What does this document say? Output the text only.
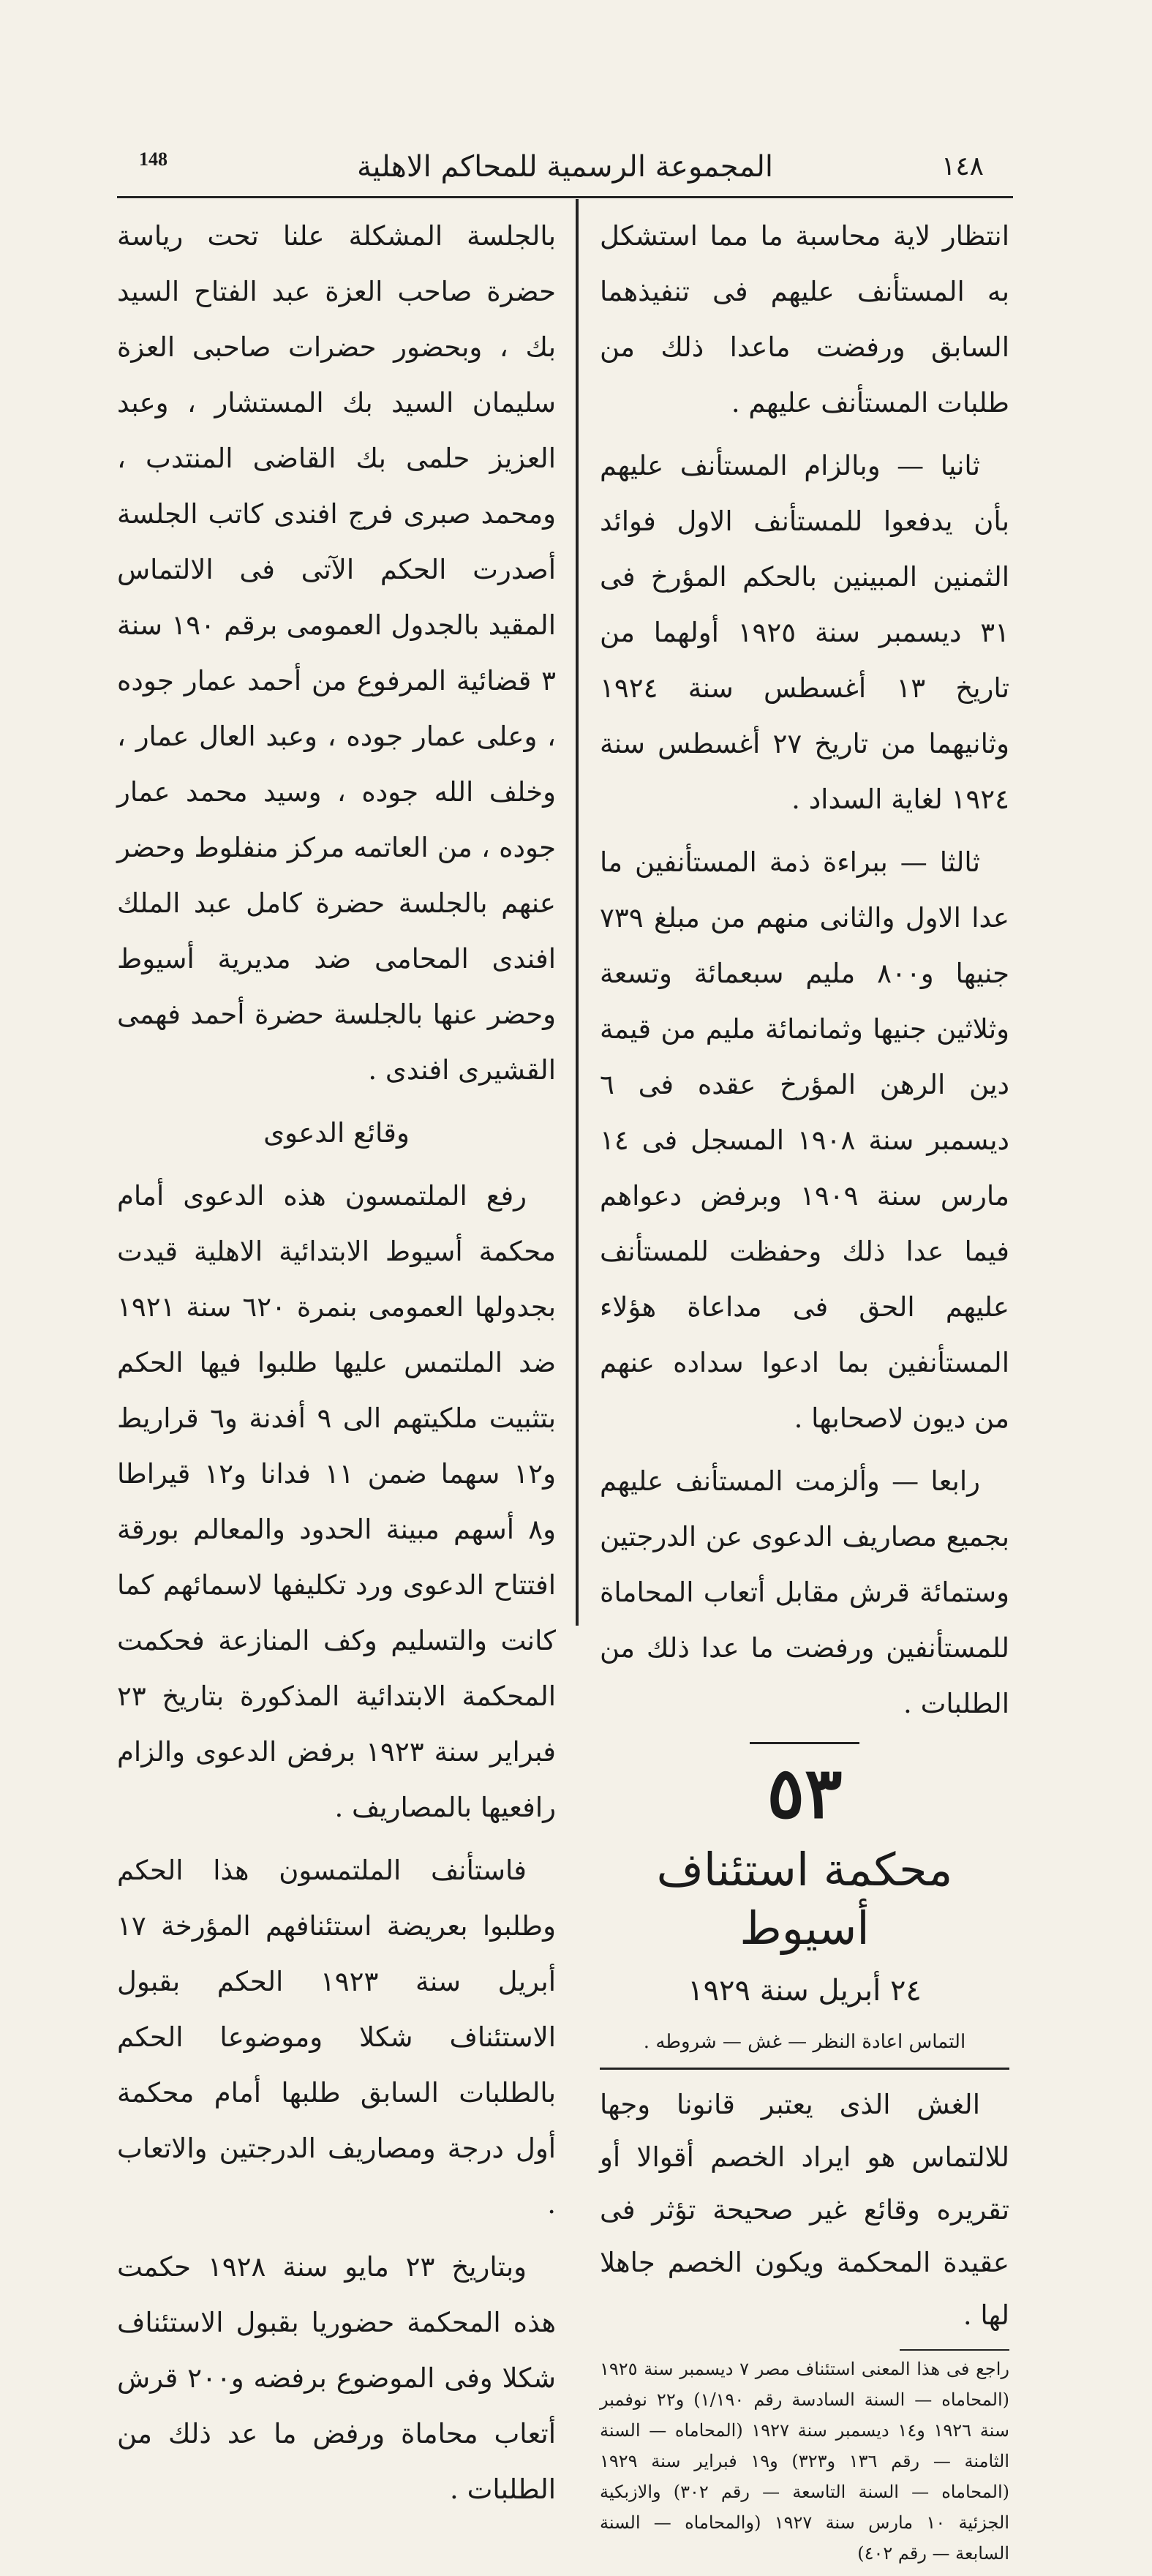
148	المجموعة الرسمية للمحاكم الاهلية	١٤٨

انتظار لاية محاسبة ما مما استشكل به المستأنف عليهم فى تنفيذهما السابق ورفضت ماعدا ذلك من طلبات المستأنف عليهم .

ثانيا — وبالزام المستأنف عليهم بأن يدفعوا للمستأنف الاول فوائد الثمنين المبينين بالحكم المؤرخ فى ٣١ ديسمبر سنة ١٩٢٥ أولهما من تاريخ ١٣ أغسطس سنة ١٩٢٤ وثانيهما من تاريخ ٢٧ أغسطس سنة ١٩٢٤ لغاية السداد .

ثالثا — ببراءة ذمة المستأنفين ما عدا الاول والثانى منهم من مبلغ ٧٣٩ جنيها و٨٠٠ مليم سبعمائة وتسعة وثلاثين جنيها وثمانمائة مليم من قيمة دين الرهن المؤرخ عقده فى ٦ ديسمبر سنة ١٩٠٨ المسجل فى ١٤ مارس سنة ١٩٠٩ وبرفض دعواهم فيما عدا ذلك وحفظت للمستأنف عليهم الحق فى مداعاة هؤلاء المستأنفين بما ادعوا سداده عنهم من ديون لاصحابها .

رابعا — وألزمت المستأنف عليهم بجميع مصاريف الدعوى عن الدرجتين وستمائة قرش مقابل أتعاب المحاماة للمستأنفين ورفضت ما عدا ذلك من الطلبات .

٥٣

محكمة استئناف أسيوط

٢٤ أبريل سنة ١٩٢٩

التماس اعادة النظر — غش — شروطه .

الغش الذى يعتبر قانونا وجها للالتماس هو ايراد الخصم أقوالا أو تقريره وقائع غير صحيحة تؤثر فى عقيدة المحكمة ويكون الخصم جاهلا لها .

راجع فى هذا المعنى استئناف مصر ٧ ديسمبر سنة ١٩٢٥ (المحاماه — السنة السادسة رقم ١/١٩٠) و٢٢ نوفمبر سنة ١٩٢٦ و١٤ ديسمبر سنة ١٩٢٧ (المحاماه — السنة الثامنة — رقم ١٣٦ و٣٢٣) و١٩ فبراير سنة ١٩٢٩ (المحاماه — السنة التاسعة — رقم ٣٠٢) والازبكية الجزئية ١٠ مارس سنة ١٩٢٧ (والمحاماه — السنة السابعة — رقم ٤٠٢)

بالجلسة المشكلة علنا تحت رياسة حضرة صاحب العزة عبد الفتاح السيد بك ، وبحضور حضرات صاحبى العزة سليمان السيد بك المستشار ، وعبد العزيز حلمى بك القاضى المنتدب ، ومحمد صبرى فرج افندى كاتب الجلسة أصدرت الحكم الآتى فى الالتماس المقيد بالجدول العمومى برقم ١٩٠ سنة ٣ قضائية المرفوع من أحمد عمار جوده ، وعلى عمار جوده ، وعبد العال عمار ، وخلف الله جوده ، وسيد محمد عمار جوده ، من العاتمه مركز منفلوط وحضر عنهم بالجلسة حضرة كامل عبد الملك افندى المحامى ضد مديرية أسيوط وحضر عنها بالجلسة حضرة أحمد فهمى القشيرى افندى .

وقائع الدعوى

رفع الملتمسون هذه الدعوى أمام محكمة أسيوط الابتدائية الاهلية قيدت بجدولها العمومى بنمرة ٦٢٠ سنة ١٩٢١ ضد الملتمس عليها طلبوا فيها الحكم بتثبيت ملكيتهم الى ٩ أفدنة و٦ قراريط و١٢ سهما ضمن ١١ فدانا و١٢ قيراطا و٨ أسهم مبينة الحدود والمعالم بورقة افتتاح الدعوى ورد تكليفها لاسمائهم كما كانت والتسليم وكف المنازعة فحكمت المحكمة الابتدائية المذكورة بتاريخ ٢٣ فبراير سنة ١٩٢٣ برفض الدعوى والزام رافعيها بالمصاريف .

فاستأنف الملتمسون هذا الحكم وطلبوا بعريضة استئنافهم المؤرخة ١٧ أبريل سنة ١٩٢٣ الحكم بقبول الاستئناف شكلا وموضوعا الحكم بالطلبات السابق طلبها أمام محكمة أول درجة ومصاريف الدرجتين والاتعاب .

وبتاريخ ٢٣ مايو سنة ١٩٢٨ حكمت هذه المحكمة حضوريا بقبول الاستئناف شكلا وفى الموضوع برفضه و٢٠٠ قرش أتعاب محاماة ورفض ما عد ذلك من الطلبات .
